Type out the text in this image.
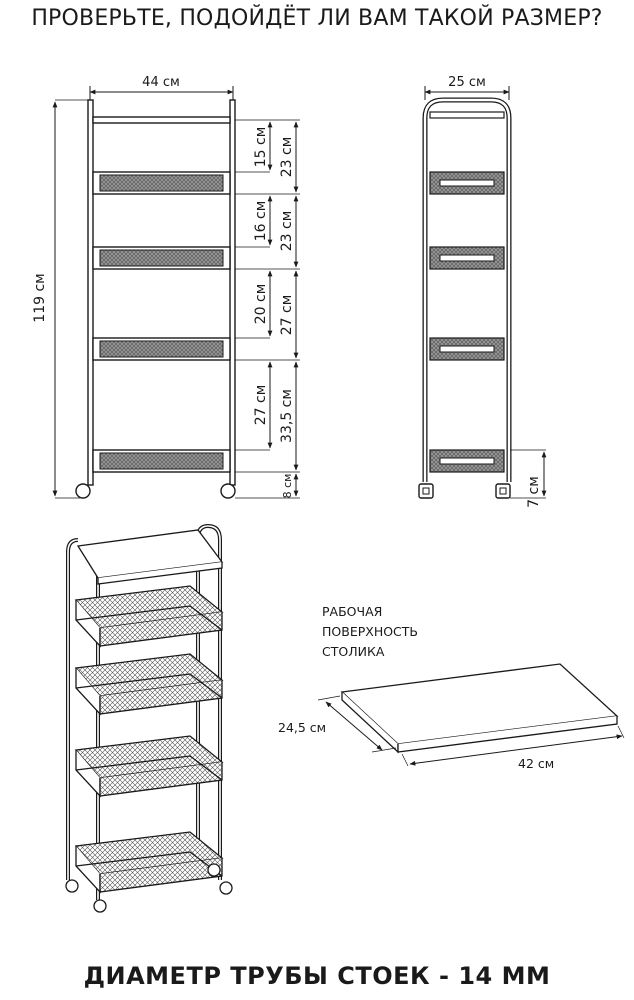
ПРОВЕРЬТЕ, ПОДОЙДЁТ ЛИ ВАМ ТАКОЙ РАЗМЕР?
44 см
119 см
15 см 23 см
16 см 23 см
20 см 27 см
27 см 33,5 см
8 см
25 см
7 см
РАБОЧАЯ
ПОВЕРХНОСТЬ
СТОЛИКА
24,5 см
42 см
ДИАМЕТР ТРУБЫ СТОЕК - 14 ММ
